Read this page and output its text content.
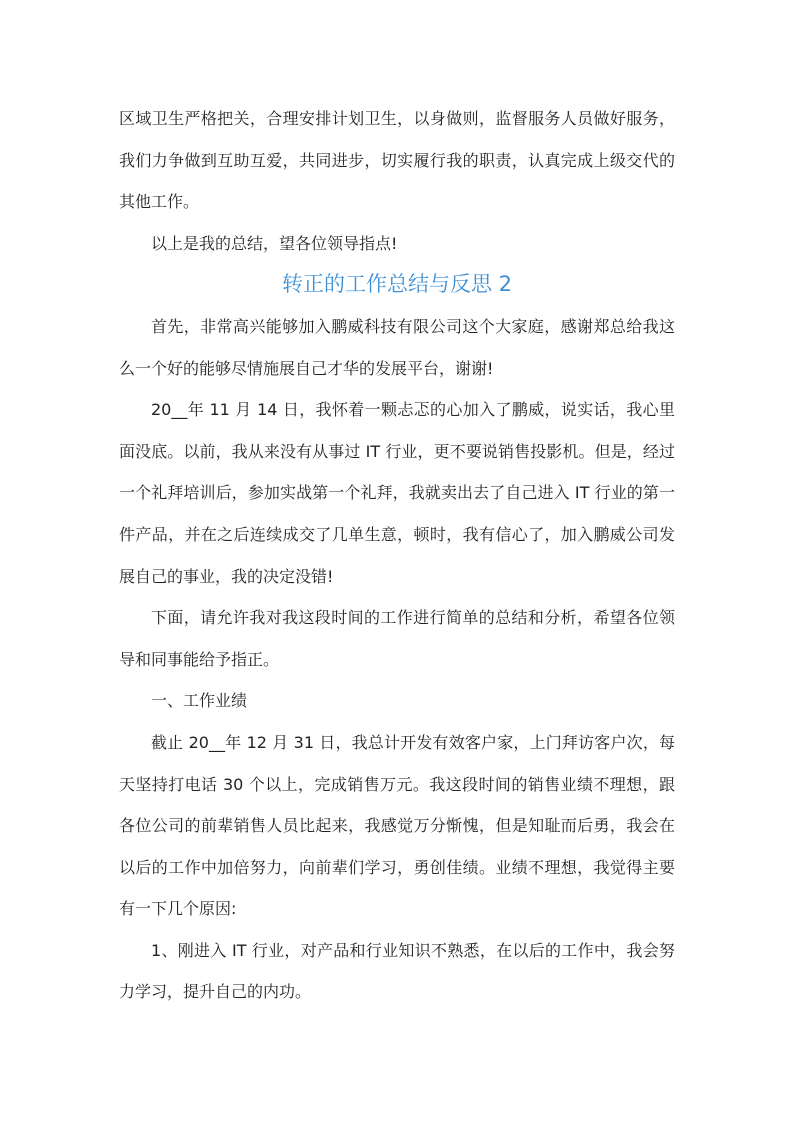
区域卫生严格把关，合理安排计划卫生，以身做则，监督服务人员做好服务，我们力争做到互助互爱，共同进步，切实履行我的职责，认真完成上级交代的其他工作。

以上是我的总结，望各位领导指点!

转正的工作总结与反思 2

首先，非常高兴能够加入鹏威科技有限公司这个大家庭，感谢郑总给我这么一个好的能够尽情施展自己才华的发展平台，谢谢!

20__年 11 月 14 日，我怀着一颗忐忑的心加入了鹏威，说实话，我心里面没底。以前，我从来没有从事过 IT 行业，更不要说销售投影机。但是，经过一个礼拜培训后，参加实战第一个礼拜，我就卖出去了自己进入 IT 行业的第一件产品，并在之后连续成交了几单生意，顿时，我有信心了，加入鹏威公司发展自己的事业，我的决定没错!

下面，请允许我对我这段时间的工作进行简单的总结和分析，希望各位领导和同事能给予指正。

一、工作业绩

截止 20__年 12 月 31 日，我总计开发有效客户家，上门拜访客户次，每天坚持打电话 30 个以上，完成销售万元。我这段时间的销售业绩不理想，跟各位公司的前辈销售人员比起来，我感觉万分惭愧，但是知耻而后勇，我会在以后的工作中加倍努力，向前辈们学习，勇创佳绩。业绩不理想，我觉得主要有一下几个原因:

1、刚进入 IT 行业，对产品和行业知识不熟悉，在以后的工作中，我会努力学习，提升自己的内功。
